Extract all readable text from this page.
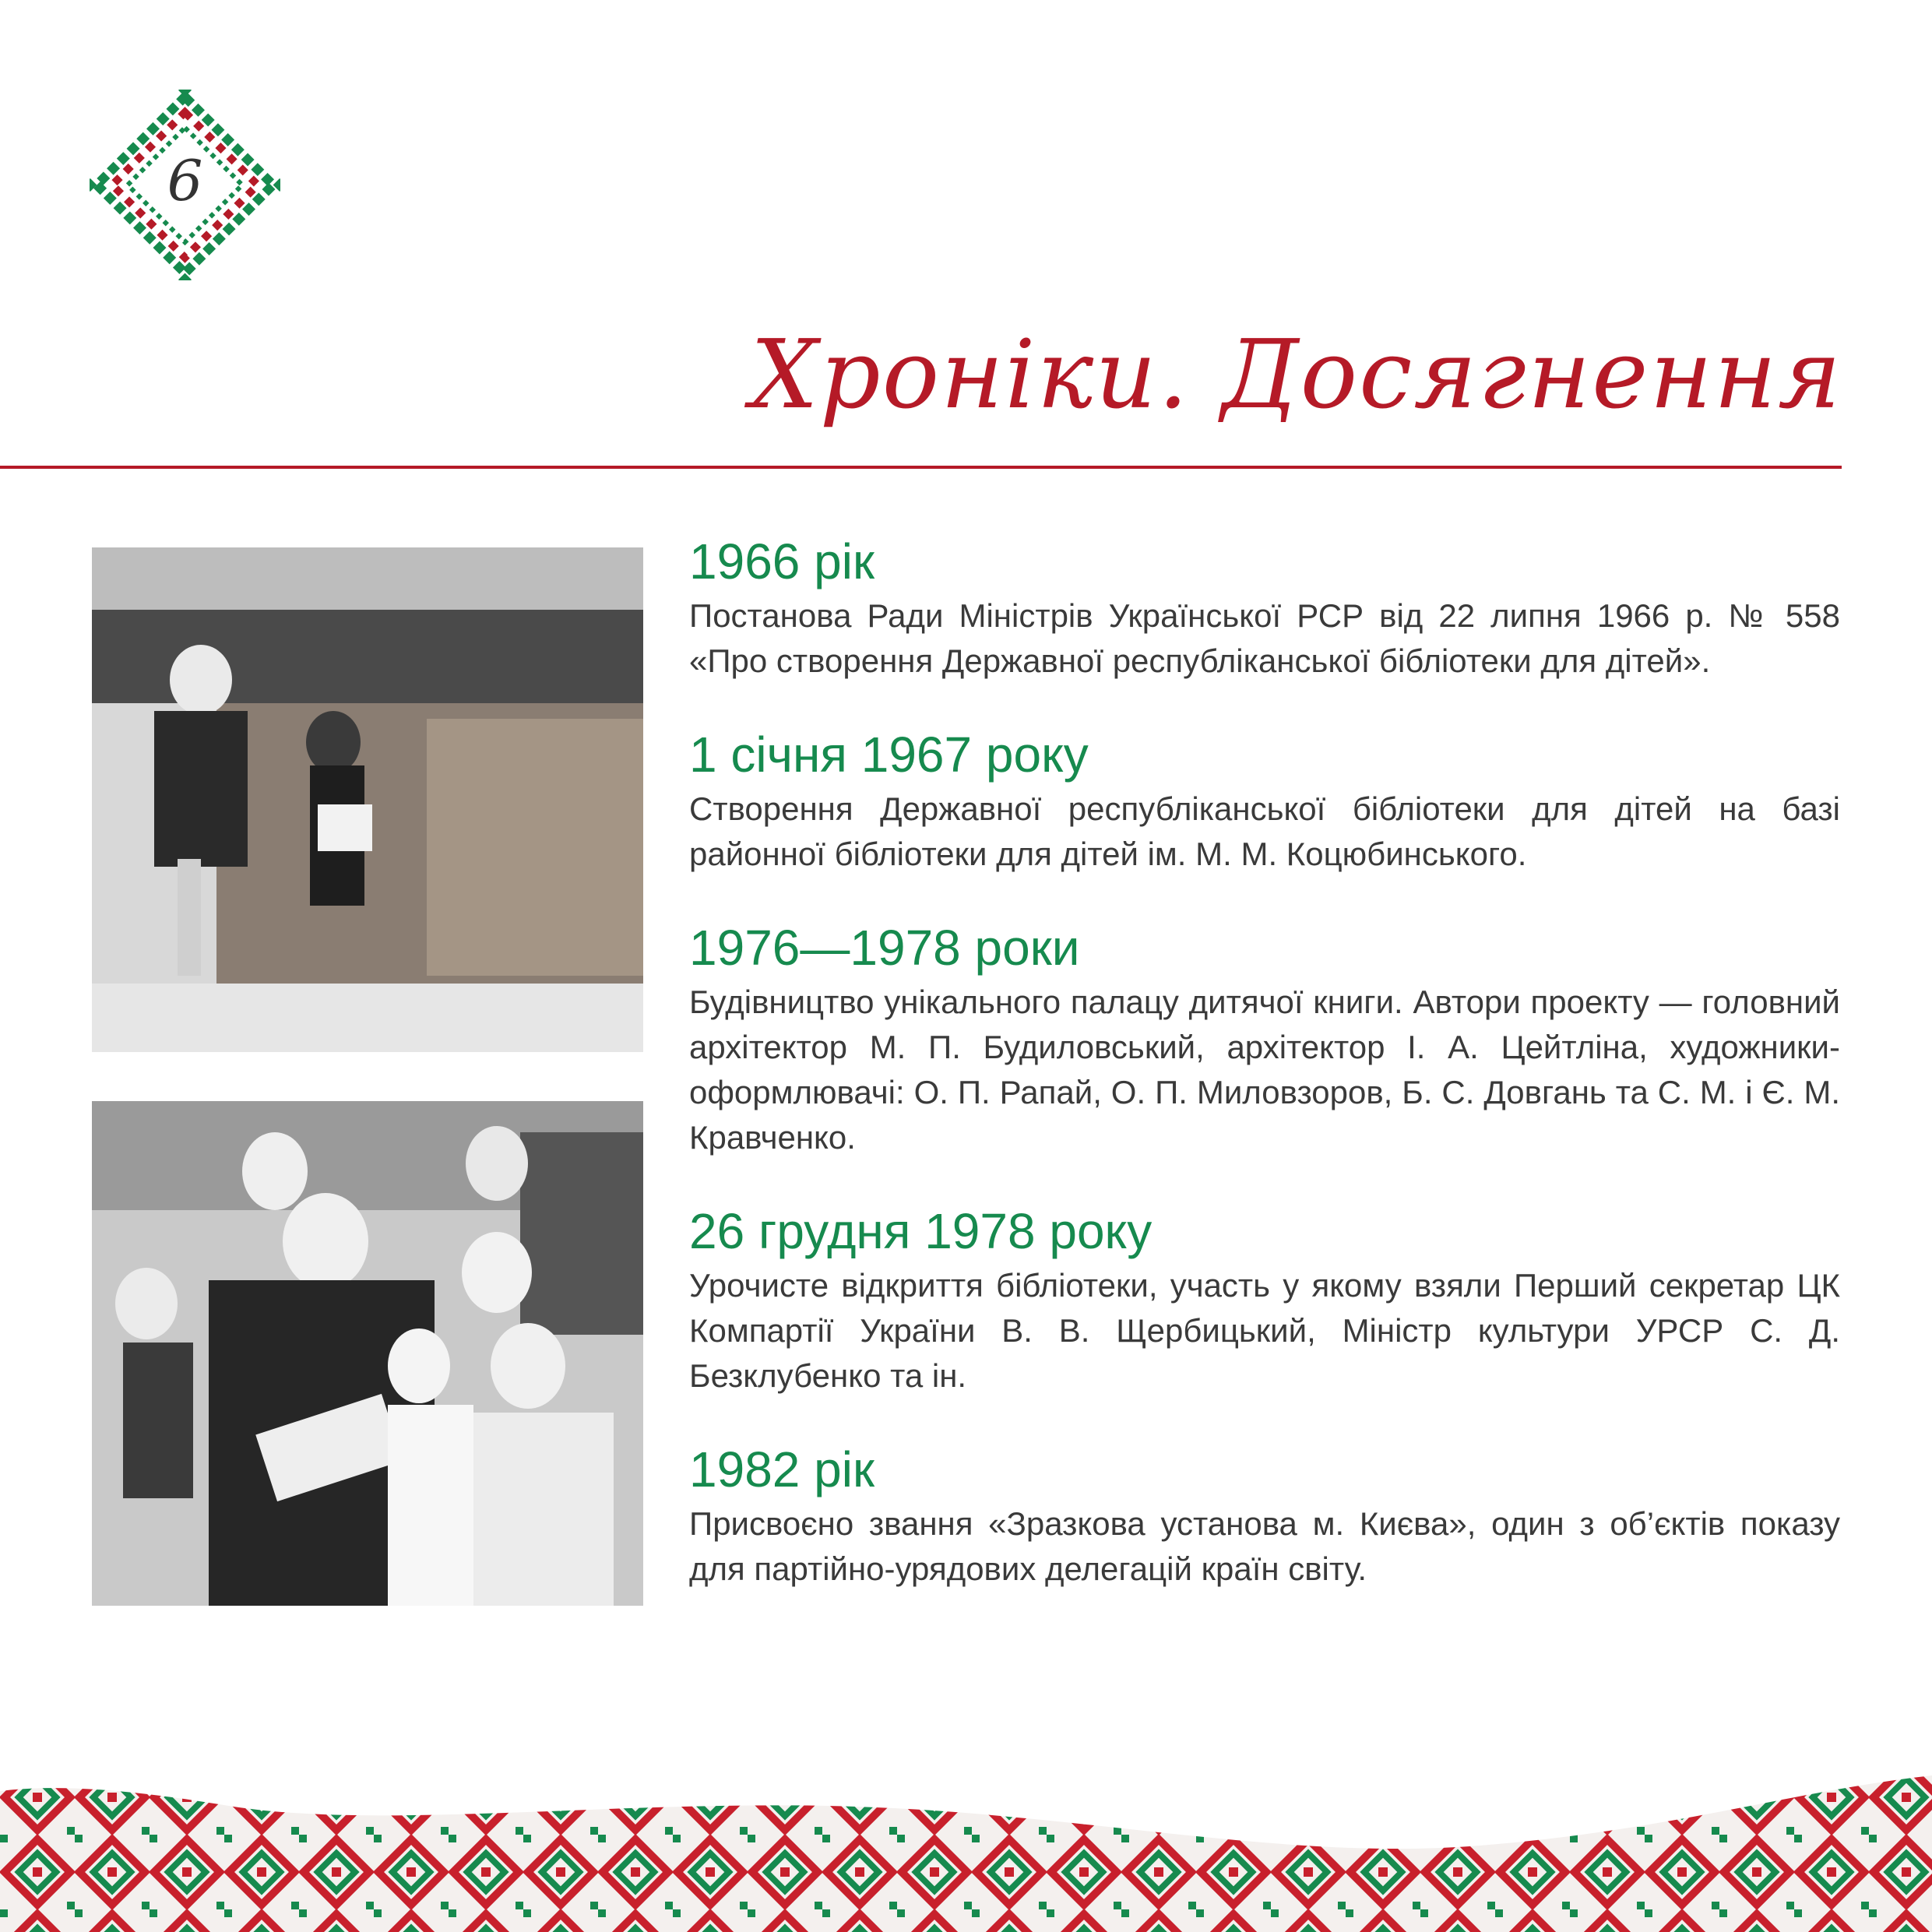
6
Хроніки. Досягнення
1966 рік

Постанова Ради Міністрів Української РСР від 22 липня 1966 р. № 558 «Про створення Державної республіканської бібліотеки для дітей».

1 січня 1967 року

Створення Державної республіканської бібліотеки для дітей на базі районної бібліотеки для дітей ім. М. М. Коцюбинського.

1976—1978 роки

Будівництво унікального палацу дитячої книги. Автори проекту — головний архітектор М. П. Будиловський, архітектор І. А. Цейтліна, художники-оформлювачі: О. П. Рапай, О. П. Миловзоров, Б. С. Довгань та С. М. і Є. М. Кравченко.

26 грудня 1978 року

Урочисте відкриття бібліотеки, участь у якому взяли Перший секретар ЦК Компартії України В. В. Щербицький, Міністр культури УРСР С. Д. Безклубенко та ін.

1982 рік

Присвоєно звання «Зразкова установа м. Києва», один з об’єктів показу для партійно-урядових делегацій країн світу.
